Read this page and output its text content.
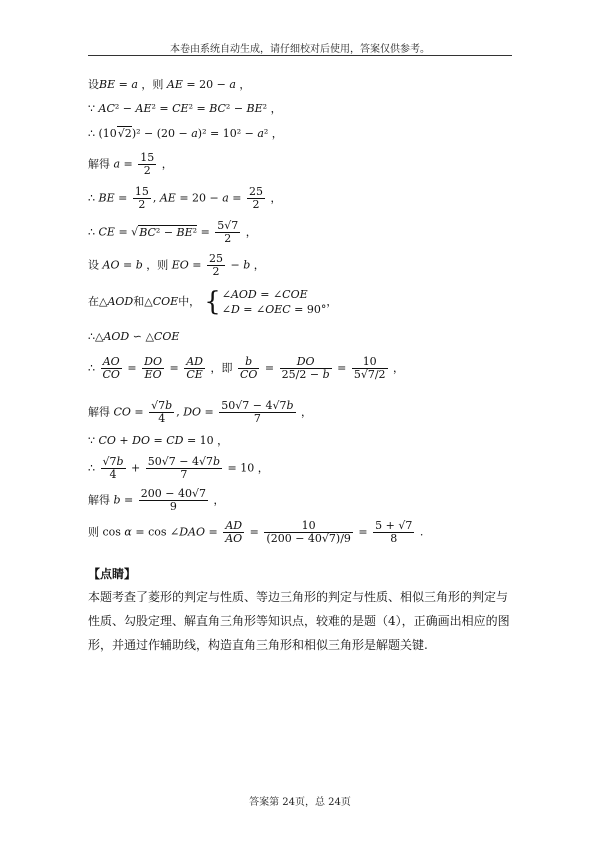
本卷由系统自动生成，请仔细校对后使用，答案仅供参考。
设BE = a ，则 AE = 20 − a ，
∵ AC² − AE² = CE² = BC² − BE² ，
∴ (10√2)² − (20 − a)² = 10² − a² ，
解得 $a = \frac{15}{2}$ ，
∴ BE = $\frac{15}{2}$ , AE = $20 - a = \frac{25}{2}$ ，
∴ CE = $√BC^2 - BE^2 = \frac{5√7}{2}$ ，
设 AO = b ，则 EO = $\frac{25}{2} - b$ ，
在△AOD和△COE中， {∠AOD = ∠COE
∠D = ∠OEC = 90°，
∴△AOD ∽ △COE
∴ $\frac{AO}{CO} = \frac{DO}{EO} = \frac{AD}{CE}$ ，即 $\frac{b}{CO} = \frac{DO}{25/2 - b} = \frac{10}{5√7/2}$ ，
解得 CO = $\frac{√7b}{4}$ , DO = $\frac{50√7 - 4√7b}{7}$ ，
∵ CO + DO = CD = 10 ，
∴ $\frac{√7b}{4} + \frac{50√7 - 4√7b}{7} = 10$ ，
解得 $b = \frac{200 - 40√7}{9}$ ，
则 cos α = cos ∠DAO = $\frac{AD}{AO} = \frac{10}{(200 - 40√7)/9} = \frac{5 + √7}{8}$ .
【点睛】
本题考查了菱形的判定与性质、等边三角形的判定与性质、相似三角形的判定与性质、勾股定理、解直角三角形等知识点，较难的是题（4），正确画出相应的图形，并通过作辅助线，构造直角三角形和相似三角形是解题关键.
答案第 24页，总 24页
